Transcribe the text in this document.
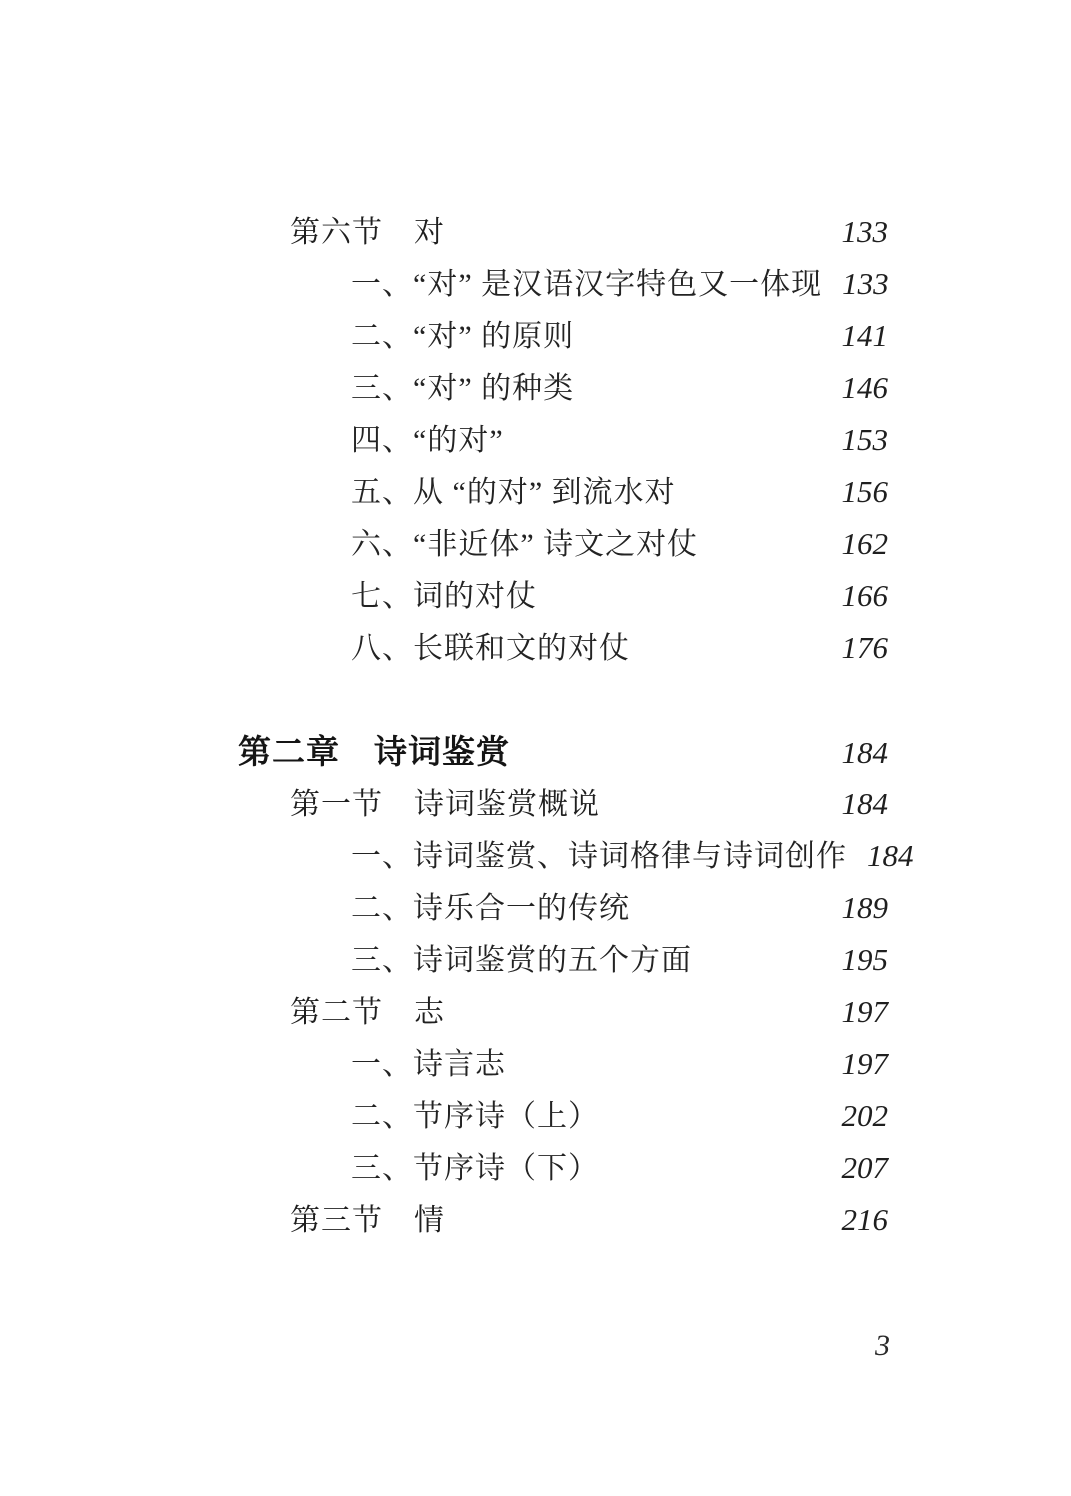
第六节　对	133
一、“对” 是汉语汉字特色又一体现 133
二、“对” 的原则	141
三、“对” 的种类	146
四、“的对”	153
五、从 “的对” 到流水对	156
六、“非近体” 诗文之对仗	162
七、词的对仗	166
八、长联和文的对仗	176
第二章　诗词鉴赏	184
第一节　诗词鉴赏概说	184
一、诗词鉴赏、诗词格律与诗词创作 184
二、诗乐合一的传统	189
三、诗词鉴赏的五个方面	195
第二节　志	197
一、诗言志	197
二、节序诗（上）	202
三、节序诗（下）	207
第三节　情	216
3
